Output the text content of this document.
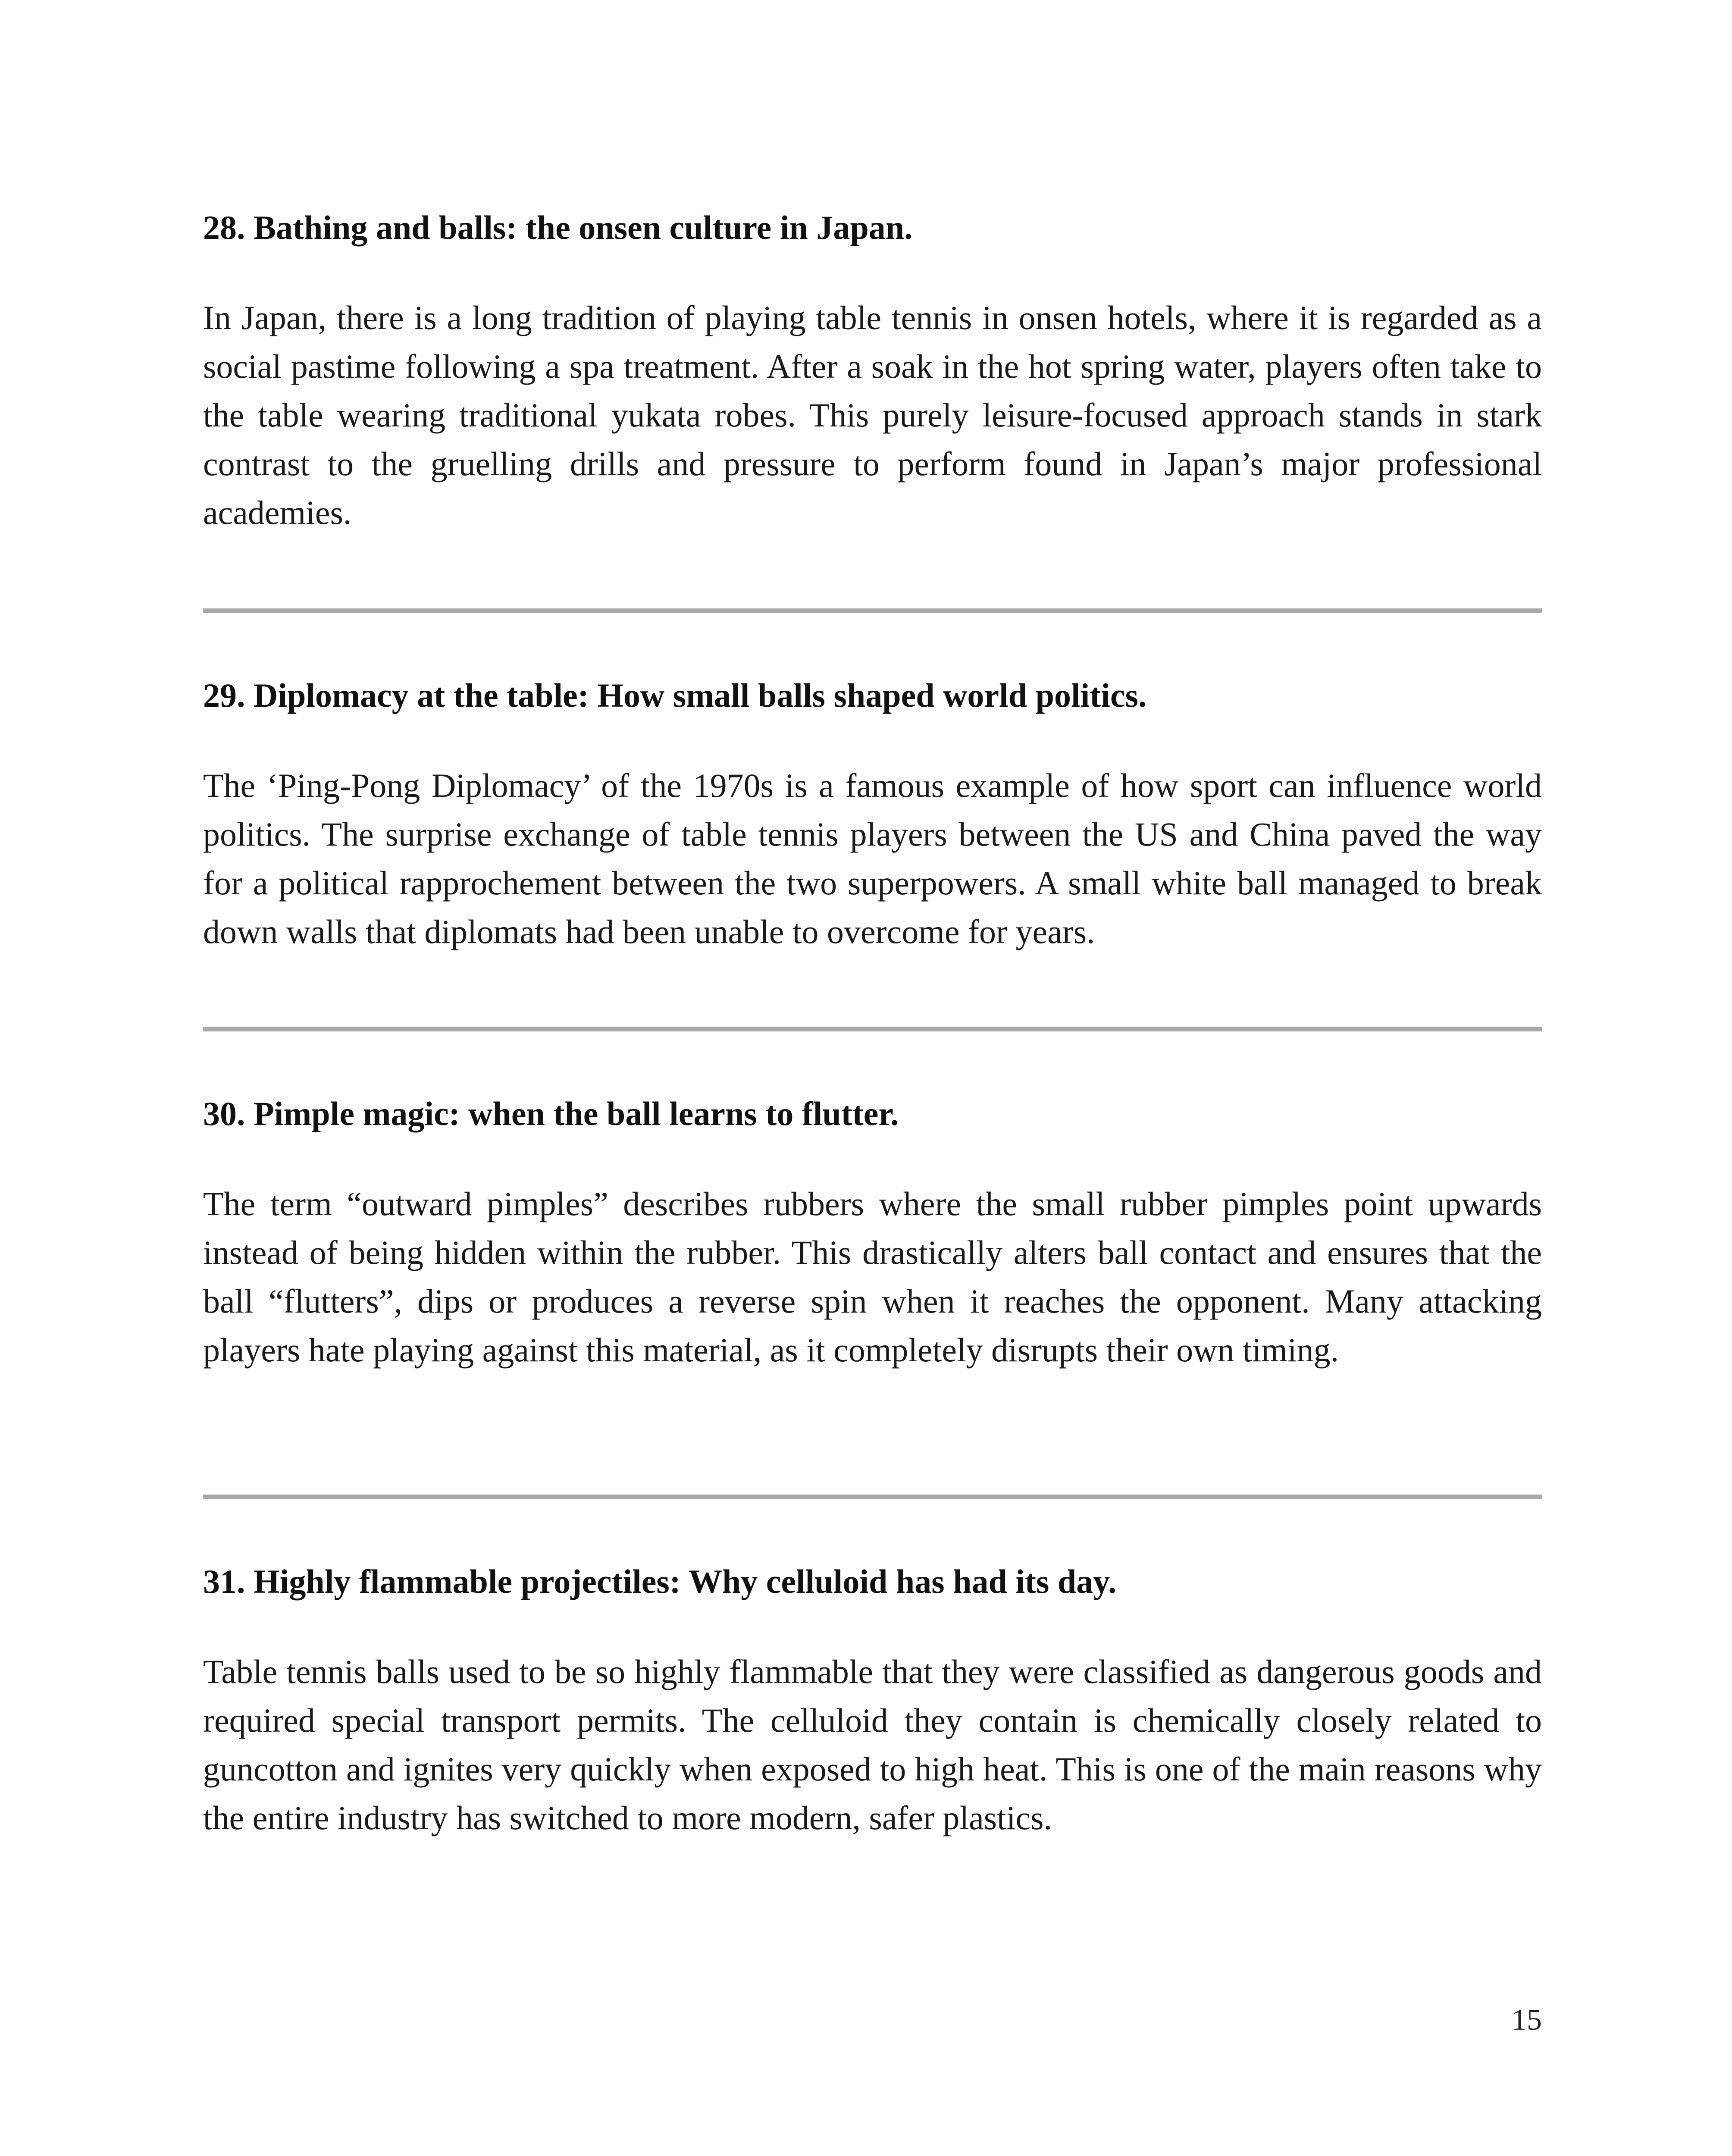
28. Bathing and balls: the onsen culture in Japan.

In Japan, there is a long tradition of playing table tennis in onsen hotels, where it is regarded as a social pastime following a spa treatment. After a soak in the hot spring water, players often take to the table wearing traditional yukata robes. This purely leisure-focused approach stands in stark contrast to the gruelling drills and pressure to perform found in Japan’s major professional academies.

29. Diplomacy at the table: How small balls shaped world politics.

The ‘Ping-Pong Diplomacy’ of the 1970s is a famous example of how sport can influence world politics. The surprise exchange of table tennis players between the US and China paved the way for a political rapprochement between the two superpowers. A small white ball managed to break down walls that diplomats had been unable to overcome for years.

30. Pimple magic: when the ball learns to flutter.

The term “outward pimples” describes rubbers where the small rubber pimples point upwards instead of being hidden within the rubber. This drastically alters ball contact and ensures that the ball “flutters”, dips or produces a reverse spin when it reaches the opponent. Many attacking players hate playing against this material, as it completely disrupts their own timing.

31. Highly flammable projectiles: Why celluloid has had its day.

Table tennis balls used to be so highly flammable that they were classified as dangerous goods and required special transport permits. The celluloid they contain is chemically closely related to guncotton and ignites very quickly when exposed to high heat. This is one of the main reasons why the entire industry has switched to more modern, safer plastics.

15
